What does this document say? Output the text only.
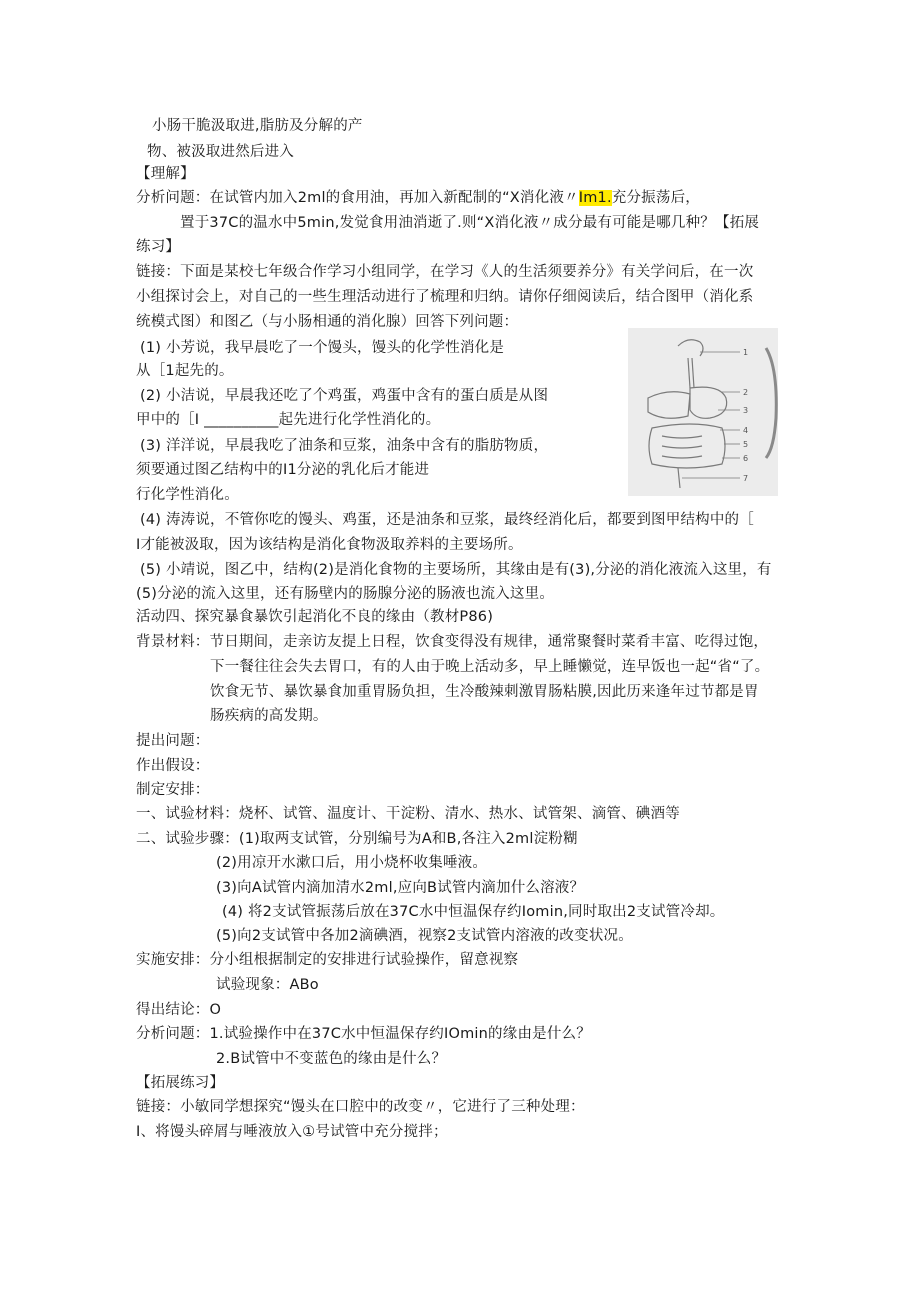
小肠干脆汲取进,脂肪及分解的产
物、被汲取进然后进入
【理解】
分析问题：在试管内加入2ml的食用油，再加入新配制的“X消化液〃Im1.充分振荡后，
置于37C的温水中5min,发觉食用油消逝了.则“X消化液〃成分最有可能是哪几种？【拓展
练习】
链接：下面是某校七年级合作学习小组同学，在学习《人的生活须要养分》有关学问后，在一次
小组探讨会上，对自己的一些生理活动进行了梳理和归纳。请你仔细阅读后，结合图甲（消化系
统模式图）和图乙（与小肠相通的消化腺）回答下列问题：
(1) 小芳说，我早晨吃了一个馒头，馒头的化学性消化是
从［1起先的。
(2) 小洁说，早晨我还吃了个鸡蛋，鸡蛋中含有的蛋白质是从图
甲中的［I __________起先进行化学性消化的。
(3) 洋洋说，早晨我吃了油条和豆浆，油条中含有的脂肪物质，
须要通过图乙结构中的I1分泌的乳化后才能进
行化学性消化。
(4) 涛涛说，不管你吃的馒头、鸡蛋，还是油条和豆浆，最终经消化后，都要到图甲结构中的［
I才能被汲取，因为该结构是消化食物汲取养料的主要场所。
(5) 小靖说，图乙中，结构(2)是消化食物的主要场所，其缘由是有(3),分泌的消化液流入这里，有
(5)分泌的流入这里，还有肠壁内的肠腺分泌的肠液也流入这里。
活动四、探究暴食暴饮引起消化不良的缘由（教材P86)
背景材料：节日期间，走亲访友提上日程，饮食变得没有规律，通常聚餐时菜肴丰富、吃得过饱，
下一餐往往会失去胃口，有的人由于晚上活动多，早上睡懒觉，连早饭也一起“省“了。
饮食无节、暴饮暴食加重胃肠负担，生冷酸辣刺激胃肠粘膜,因此历来逢年过节都是胃
肠疾病的高发期。
提出问题：
作出假设：
制定安排：
一、试验材料：烧杯、试管、温度计、干淀粉、清水、热水、试管架、滴管、碘酒等
二、试验步骤：(1)取两支试管，分别编号为A和B,各注入2ml淀粉糊
(2)用凉开水漱口后，用小烧杯收集唾液。
(3)向A试管内滴加清水2ml,应向B试管内滴加什么溶液？
(4) 将2支试管振荡后放在37C水中恒温保存约Iomin,同时取出2支试管冷却。
(5)向2支试管中各加2滴碘酒，视察2支试管内溶液的改变状况。
实施安排：分小组根据制定的安排进行试验操作，留意视察
试验现象：ABo
得出结论：O
分析问题：1.试验操作中在37C水中恒温保存约IOmin的缘由是什么？
2.B试管中不变蓝色的缘由是什么？
【拓展练习】
链接：小敏同学想探究“馒头在口腔中的改变〃，它进行了三种处理：
I、将馒头碎屑与唾液放入①号试管中充分搅拌；
1
2
3
4
5
6
7
